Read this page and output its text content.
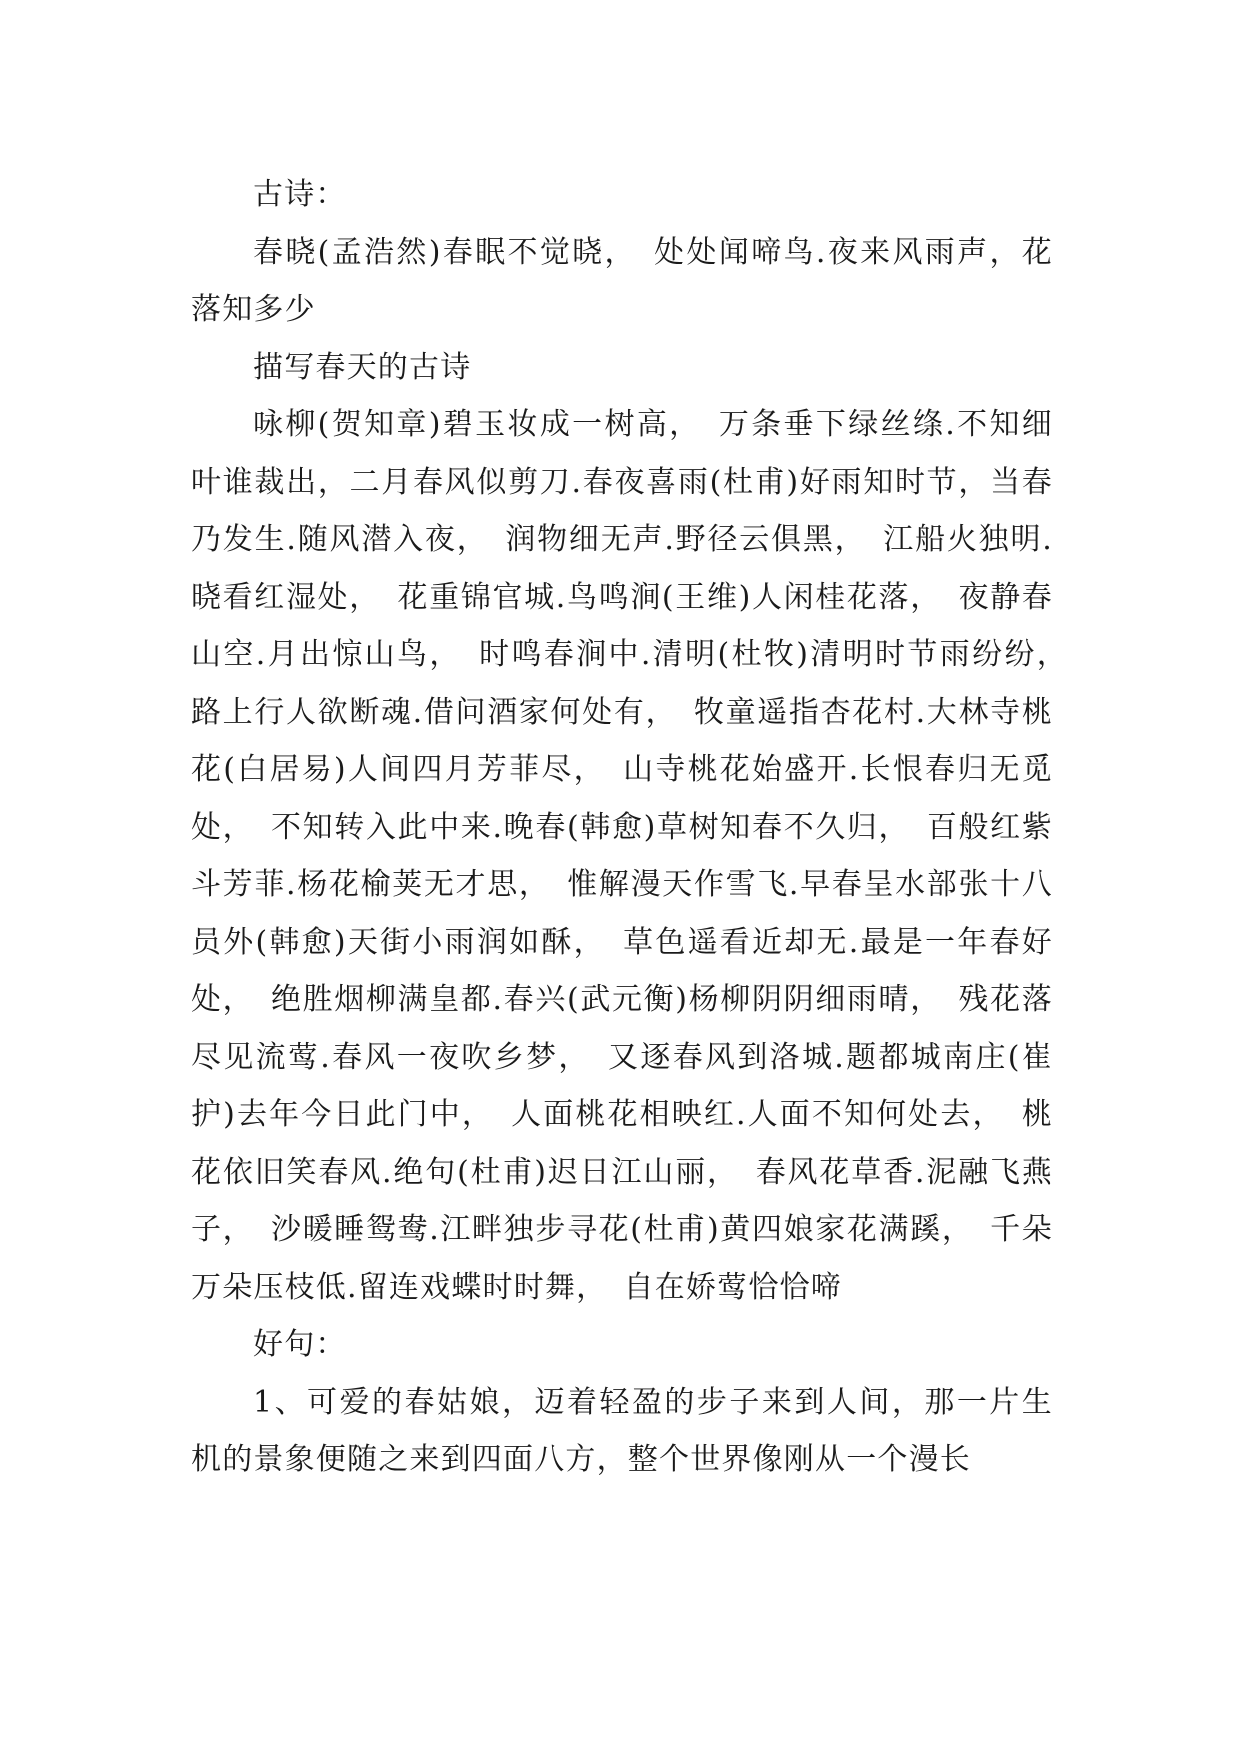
古诗：

春晓(孟浩然)春眠不觉晓，　处处闻啼鸟.夜来风雨声，花落知多少

描写春天的古诗

咏柳(贺知章)碧玉妆成一树高，　万条垂下绿丝绦.不知细叶谁裁出，二月春风似剪刀.春夜喜雨(杜甫)好雨知时节，当春乃发生.随风潜入夜，　润物细无声.野径云俱黑，　江船火独明.晓看红湿处，　花重锦官城.鸟鸣涧(王维)人闲桂花落，　夜静春山空.月出惊山鸟，　时鸣春涧中.清明(杜牧)清明时节雨纷纷，　路上行人欲断魂.借问酒家何处有，　牧童遥指杏花村.大林寺桃花(白居易)人间四月芳菲尽，　山寺桃花始盛开.长恨春归无觅处，　不知转入此中来.晚春(韩愈)草树知春不久归，　百般红紫斗芳菲.杨花榆荚无才思，　惟解漫天作雪飞.早春呈水部张十八员外(韩愈)天街小雨润如酥，　草色遥看近却无.最是一年春好处，　绝胜烟柳满皇都.春兴(武元衡)杨柳阴阴细雨晴，　残花落尽见流莺.春风一夜吹乡梦，　又逐春风到洛城.题都城南庄(崔护)去年今日此门中，　人面桃花相映红.人面不知何处去，　桃花依旧笑春风.绝句(杜甫)迟日江山丽，　春风花草香.泥融飞燕子，　沙暖睡鸳鸯.江畔独步寻花(杜甫)黄四娘家花满蹊，　千朵万朵压枝低.留连戏蝶时时舞，　自在娇莺恰恰啼

好句：

1、可爱的春姑娘，迈着轻盈的步子来到人间，那一片生机的景象便随之来到四面八方，整个世界像刚从一个漫长
